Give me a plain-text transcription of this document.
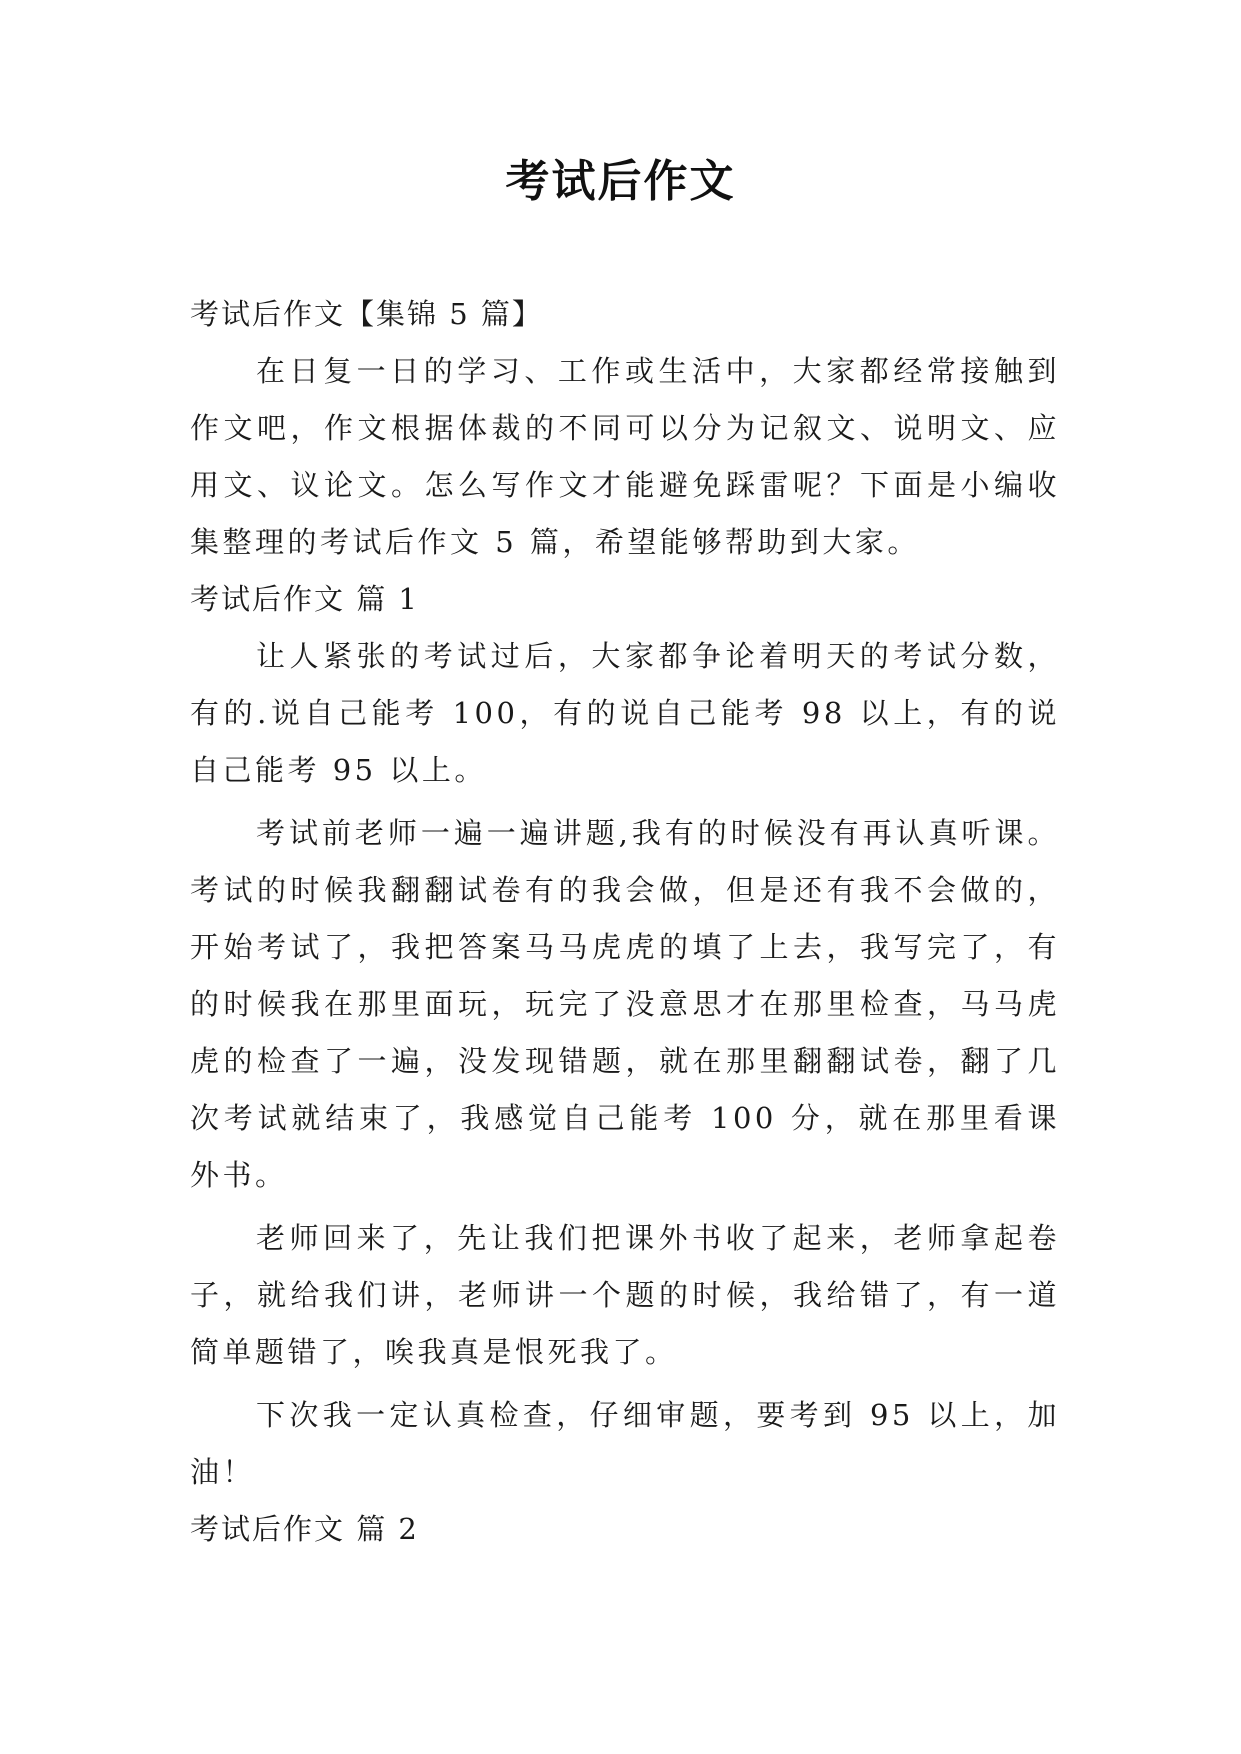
考试后作文

考试后作文【集锦 5 篇】

在日复一日的学习、工作或生活中，大家都经常接触到作文吧，作文根据体裁的不同可以分为记叙文、说明文、应用文、议论文。怎么写作文才能避免踩雷呢？下面是小编收集整理的考试后作文 5 篇，希望能够帮助到大家。

考试后作文 篇 1

让人紧张的考试过后，大家都争论着明天的考试分数，有的.说自己能考 100，有的说自己能考 98 以上，有的说自己能考 95 以上。

考试前老师一遍一遍讲题,我有的时候没有再认真听课。考试的时候我翻翻试卷有的我会做，但是还有我不会做的，开始考试了，我把答案马马虎虎的填了上去，我写完了，有的时候我在那里面玩，玩完了没意思才在那里检查，马马虎虎的检查了一遍，没发现错题，就在那里翻翻试卷，翻了几次考试就结束了，我感觉自己能考 100 分，就在那里看课外书。

老师回来了，先让我们把课外书收了起来，老师拿起卷子，就给我们讲，老师讲一个题的时候，我给错了，有一道简单题错了，唉我真是恨死我了。

下次我一定认真检查，仔细审题，要考到 95 以上，加油！

考试后作文 篇 2
